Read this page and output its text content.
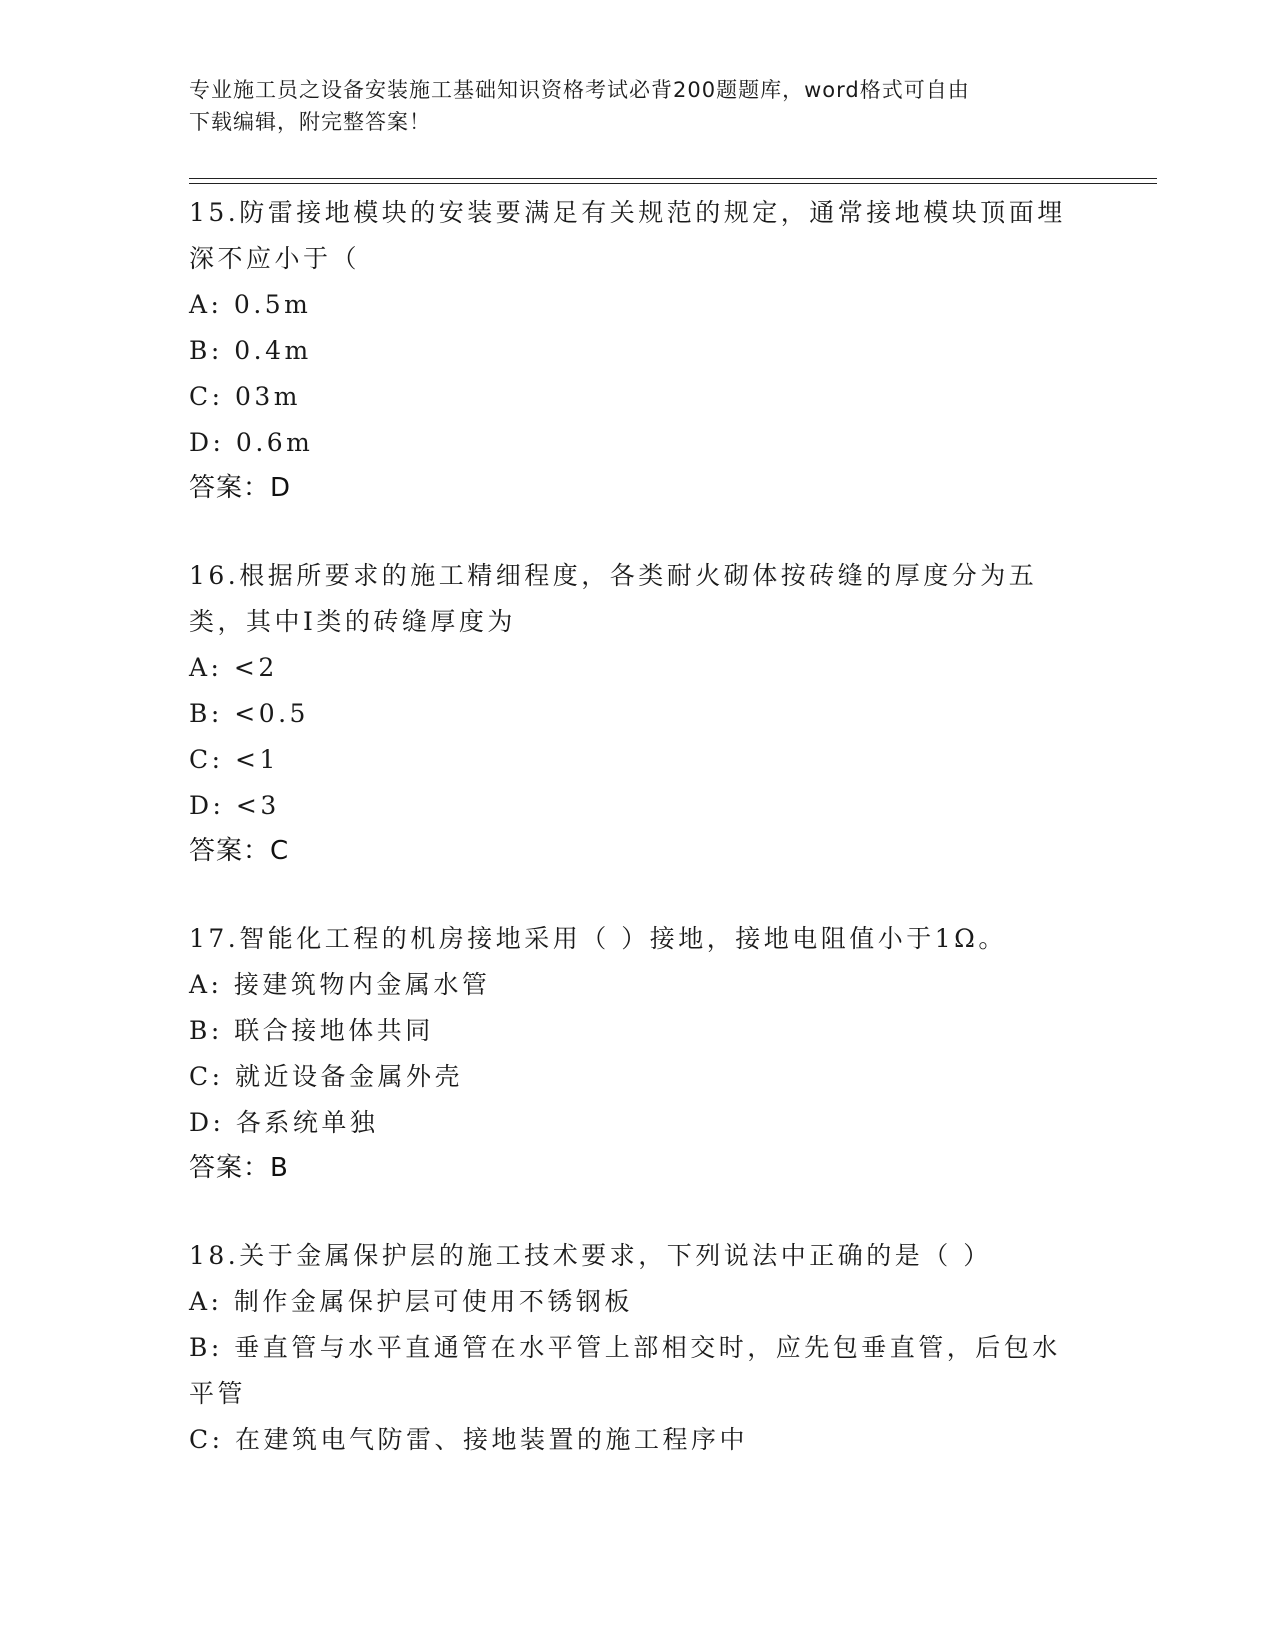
专业施工员之设备安装施工基础知识资格考试必背200题题库，word格式可自由
下载编辑，附完整答案！
15.防雷接地模块的安装要满足有关规范的规定，通常接地模块顶面埋深不应小于（
A: 0.5m
B: 0.4m
C: 03m
D: 0.6m
答案：D
16.根据所要求的施工精细程度，各类耐火砌体按砖缝的厚度分为五类，其中Ⅰ类的砖缝厚度为
A: <2
B: <0.5
C: <1
D: <3
答案：C
17.智能化工程的机房接地采用（ ）接地，接地电阻值小于1Ω。
A: 接建筑物内金属水管
B: 联合接地体共同
C: 就近设备金属外壳
D: 各系统单独
答案：B
18.关于金属保护层的施工技术要求，下列说法中正确的是（ ）
A: 制作金属保护层可使用不锈钢板
B: 垂直管与水平直通管在水平管上部相交时，应先包垂直管，后包水平管
C: 在建筑电气防雷、接地装置的施工程序中
